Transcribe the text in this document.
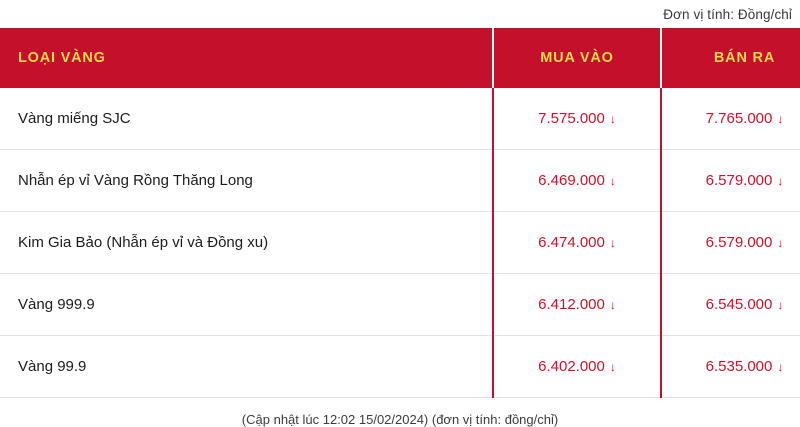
Đơn vị tính: Đồng/chỉ
LOẠI VÀNG	MUA VÀO	BÁN RA
Vàng miếng SJC	7.575.000 ↓	7.765.000 ↓
Nhẫn ép vỉ Vàng Rồng Thăng Long	6.469.000 ↓	6.579.000 ↓
Kim Gia Bảo (Nhẫn ép vỉ và Đồng xu)	6.474.000 ↓	6.579.000 ↓
Vàng 999.9	6.412.000 ↓	6.545.000 ↓
Vàng 99.9	6.402.000 ↓	6.535.000 ↓
(Cập nhật lúc 12:02 15/02/2024) (đơn vị tính: đồng/chỉ)
